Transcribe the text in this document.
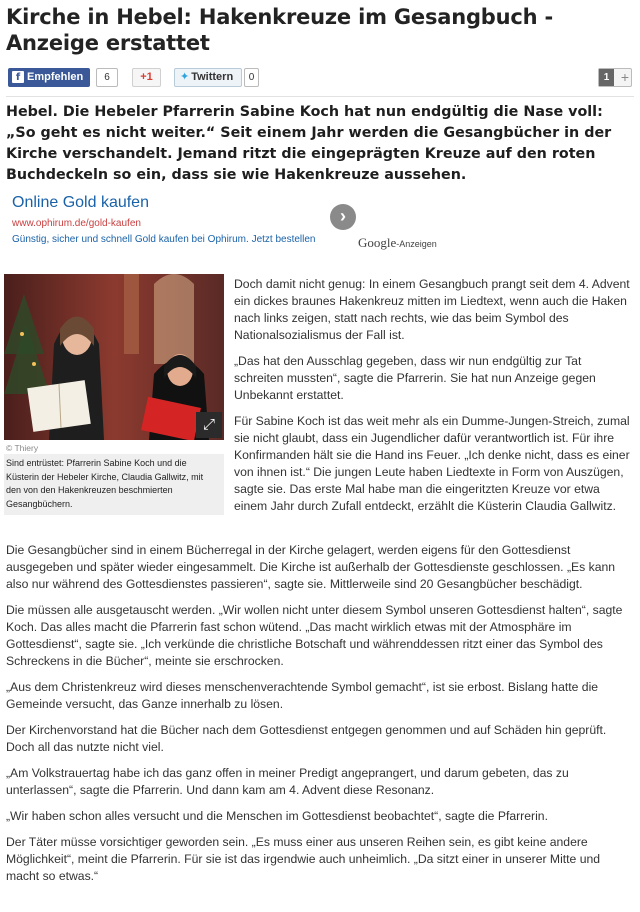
Kirche in Hebel: Hakenkreuze im Gesangbuch - Anzeige erstattet
f Empfehlen	6	+1	✦ Twittern	0	1 +

Hebel. Die Hebeler Pfarrerin Sabine Koch hat nun endgültig die Nase voll: „So geht es nicht weiter.“ Seit einem Jahr werden die Gesangbücher in der Kirche verschandelt. Jemand ritzt die eingeprägten Kreuze auf den roten Buchdeckeln so ein, dass sie wie Hakenkreuze aussehen.

Online Gold kaufen
www.ophirum.de/gold-kaufen
Günstig, sicher und schnell Gold kaufen bei Ophirum. Jetzt bestellen
›
Google-Anzeigen
⤢
© Thiery
Sind entrüstet: Pfarrerin Sabine Koch und die Küsterin der Hebeler Kirche, Claudia Gallwitz, mit den von den Hakenkreuzen beschmierten Gesangbüchern.

Doch damit nicht genug: In einem Gesangbuch prangt seit dem 4. Advent ein dickes braunes Hakenkreuz mitten im Liedtext, wenn auch die Haken nach links zeigen, statt nach rechts, wie das beim Symbol des Nationalsozialismus der Fall ist.

„Das hat den Ausschlag gegeben, dass wir nun endgültig zur Tat schreiten mussten“, sagte die Pfarrerin. Sie hat nun Anzeige gegen Unbekannt erstattet.

Für Sabine Koch ist das weit mehr als ein Dumme-Jungen-Streich, zumal sie nicht glaubt, dass ein Jugendlicher dafür verantwortlich ist. Für ihre Konfirmanden hält sie die Hand ins Feuer. „Ich denke nicht, dass es einer von ihnen ist.“ Die jungen Leute haben Liedtexte in Form von Auszügen, sagte sie. Das erste Mal habe man die eingeritzten Kreuze vor etwa einem Jahr durch Zufall entdeckt, erzählt die Küsterin Claudia Gallwitz.

Die Gesangbücher sind in einem Bücherregal in der Kirche gelagert, werden eigens für den Gottesdienst ausgegeben und später wieder eingesammelt. Die Kirche ist außerhalb der Gottesdienste geschlossen. „Es kann also nur während des Gottesdienstes passieren“, sagte sie. Mittlerweile sind 20 Gesangbücher beschädigt.

Die müssen alle ausgetauscht werden. „Wir wollen nicht unter diesem Symbol unseren Gottesdienst halten“, sagte Koch. Das alles macht die Pfarrerin fast schon wütend. „Das macht wirklich etwas mit der Atmosphäre im Gottesdienst“, sagte sie. „Ich verkünde die christliche Botschaft und währenddessen ritzt einer das Symbol des Schreckens in die Bücher“, meinte sie erschrocken.

„Aus dem Christenkreuz wird dieses menschenverachtende Symbol gemacht“, ist sie erbost. Bislang hatte die Gemeinde versucht, das Ganze innerhalb zu lösen.

Der Kirchenvorstand hat die Bücher nach dem Gottesdienst entgegen genommen und auf Schäden hin geprüft. Doch all das nutzte nicht viel.

„Am Volkstrauertag habe ich das ganz offen in meiner Predigt angeprangert, und darum gebeten, das zu unterlassen“, sagte die Pfarrerin. Und dann kam am 4. Advent diese Resonanz.

„Wir haben schon alles versucht und die Menschen im Gottesdienst beobachtet“, sagte die Pfarrerin.

Der Täter müsse vorsichtiger geworden sein. „Es muss einer aus unseren Reihen sein, es gibt keine andere Möglichkeit“, meint die Pfarrerin. Für sie ist das irgendwie auch unheimlich. „Da sitzt einer in unserer Mitte und macht so etwas.“
